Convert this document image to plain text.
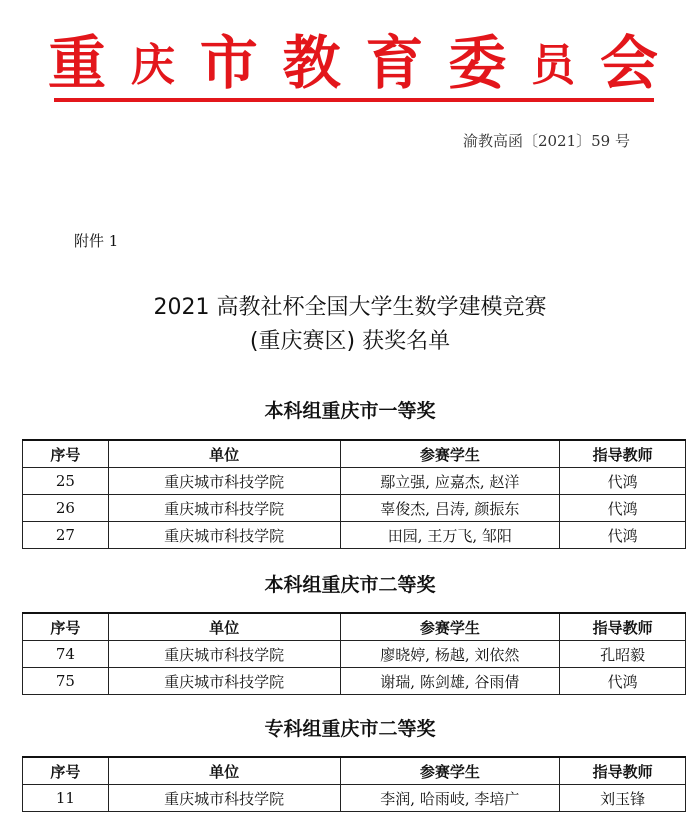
重 庆 市 教 育 委 员 会
渝教高函〔2021〕59 号
附件 1
2021 高教社杯全国大学生数学建模竞赛
(重庆赛区) 获奖名单
本科组重庆市一等奖
序号	单位	参赛学生	指导教师
25	重庆城市科技学院	鄢立强, 应嘉杰, 赵洋	代鸿
26	重庆城市科技学院	辜俊杰, 吕涛, 颜振东	代鸿
27	重庆城市科技学院	田园, 王万飞, 邹阳	代鸿
本科组重庆市二等奖
序号	单位	参赛学生	指导教师
74	重庆城市科技学院	廖晓婷, 杨越, 刘依然	孔昭毅
75	重庆城市科技学院	谢瑞, 陈剑雄, 谷雨倩	代鸿
专科组重庆市二等奖
序号	单位	参赛学生	指导教师
11	重庆城市科技学院	李润, 哈雨岐, 李培广	刘玉锋
